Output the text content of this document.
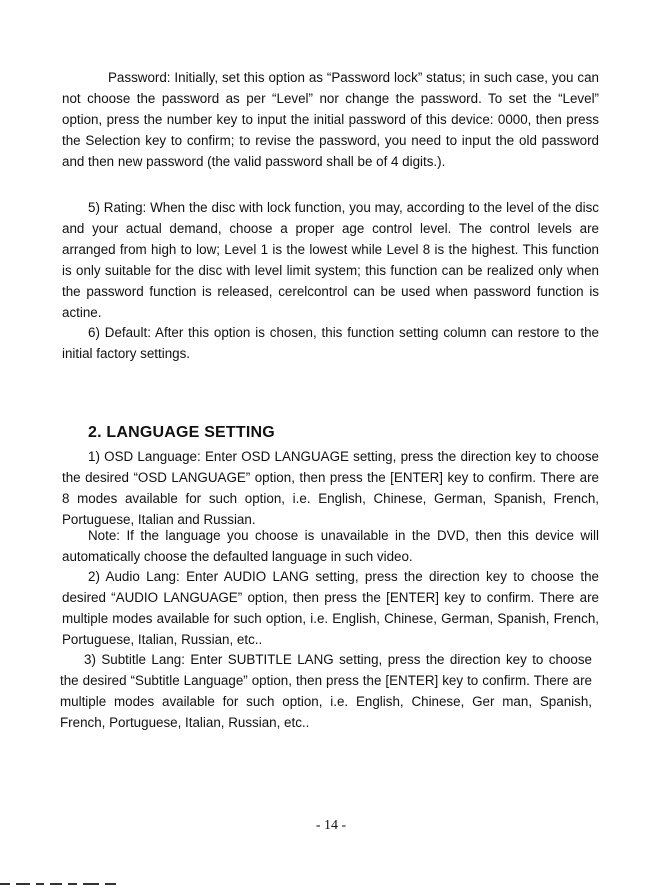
Password: Initially, set this option as “Password lock” status; in such case, you can not choose the password as per “Level” nor change the password. To set the “Level” option, press the number key to input the initial password of this device: 0000, then press the Selection key to confirm; to revise the password, you need to input the old password and then new password (the valid password shall be of 4 digits.).

5) Rating: When the disc with lock function, you may, according to the level of the disc and your actual demand, choose a proper age control level. The control levels are arranged from high to low; Level 1 is the lowest while Level 8 is the highest. This function is only suitable for the disc with level limit system; this function can be realized only when the password function is released, cerelcontrol can be used when password function is actine.

6) Default: After this option is chosen, this function setting column can restore to the initial factory settings.

2. LANGUAGE SETTING

1) OSD Language: Enter OSD LANGUAGE setting, press the direction key to choose the desired “OSD LANGUAGE” option, then press the [ENTER] key to confirm. There are 8 modes available for such option, i.e. English, Chinese, German, Spanish, French, Portuguese, Italian and Russian.

Note: If the language you choose is unavailable in the DVD, then this device will automatically choose the defaulted language in such video.

2) Audio Lang: Enter AUDIO LANG setting, press the direction key to choose the desired “AUDIO LANGUAGE” option, then press the [ENTER] key to confirm. There are multiple modes available for such option, i.e. English, Chinese, German, Spanish, French, Portuguese, Italian, Russian, etc..

3) Subtitle Lang: Enter SUBTITLE LANG setting, press the direction key to choose the desired “Subtitle Language” option, then press the [ENTER] key to confirm. There are multiple modes available for such option, i.e. English, Chinese, Ger man, Spanish, French, Portuguese, Italian, Russian, etc..

- 14 -
